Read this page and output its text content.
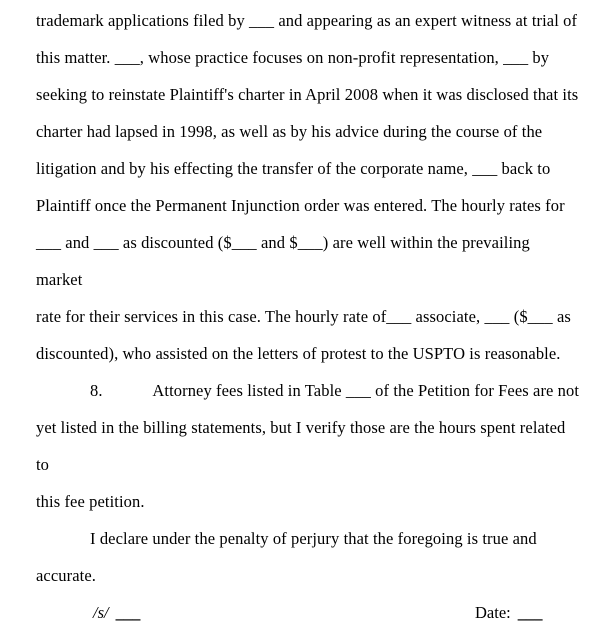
trademark applications filed by ___ and appearing as an expert witness at trial of
this matter. ___, whose practice focuses on non-profit representation, ___ by
seeking to reinstate Plaintiff's charter in April 2008 when it was disclosed that its
charter had lapsed in 1998, as well as by his advice during the course of the
litigation and by his effecting the transfer of the corporate name, ___ back to
Plaintiff once the Permanent Injunction order was entered. The hourly rates for
___ and ___ as discounted ($___ and $___) are well within the prevailing market
rate for their services in this case. The hourly rate of___ associate, ___ ($___ as
discounted), who assisted on the letters of protest to the USPTO is reasonable.
8.            Attorney fees listed in Table ___ of the Petition for Fees are not
yet listed in the billing statements, but I verify those are the hours spent related to
this fee petition.
I declare under the penalty of perjury that the foregoing is true and
accurate.
/s/ ___	Date: ___
